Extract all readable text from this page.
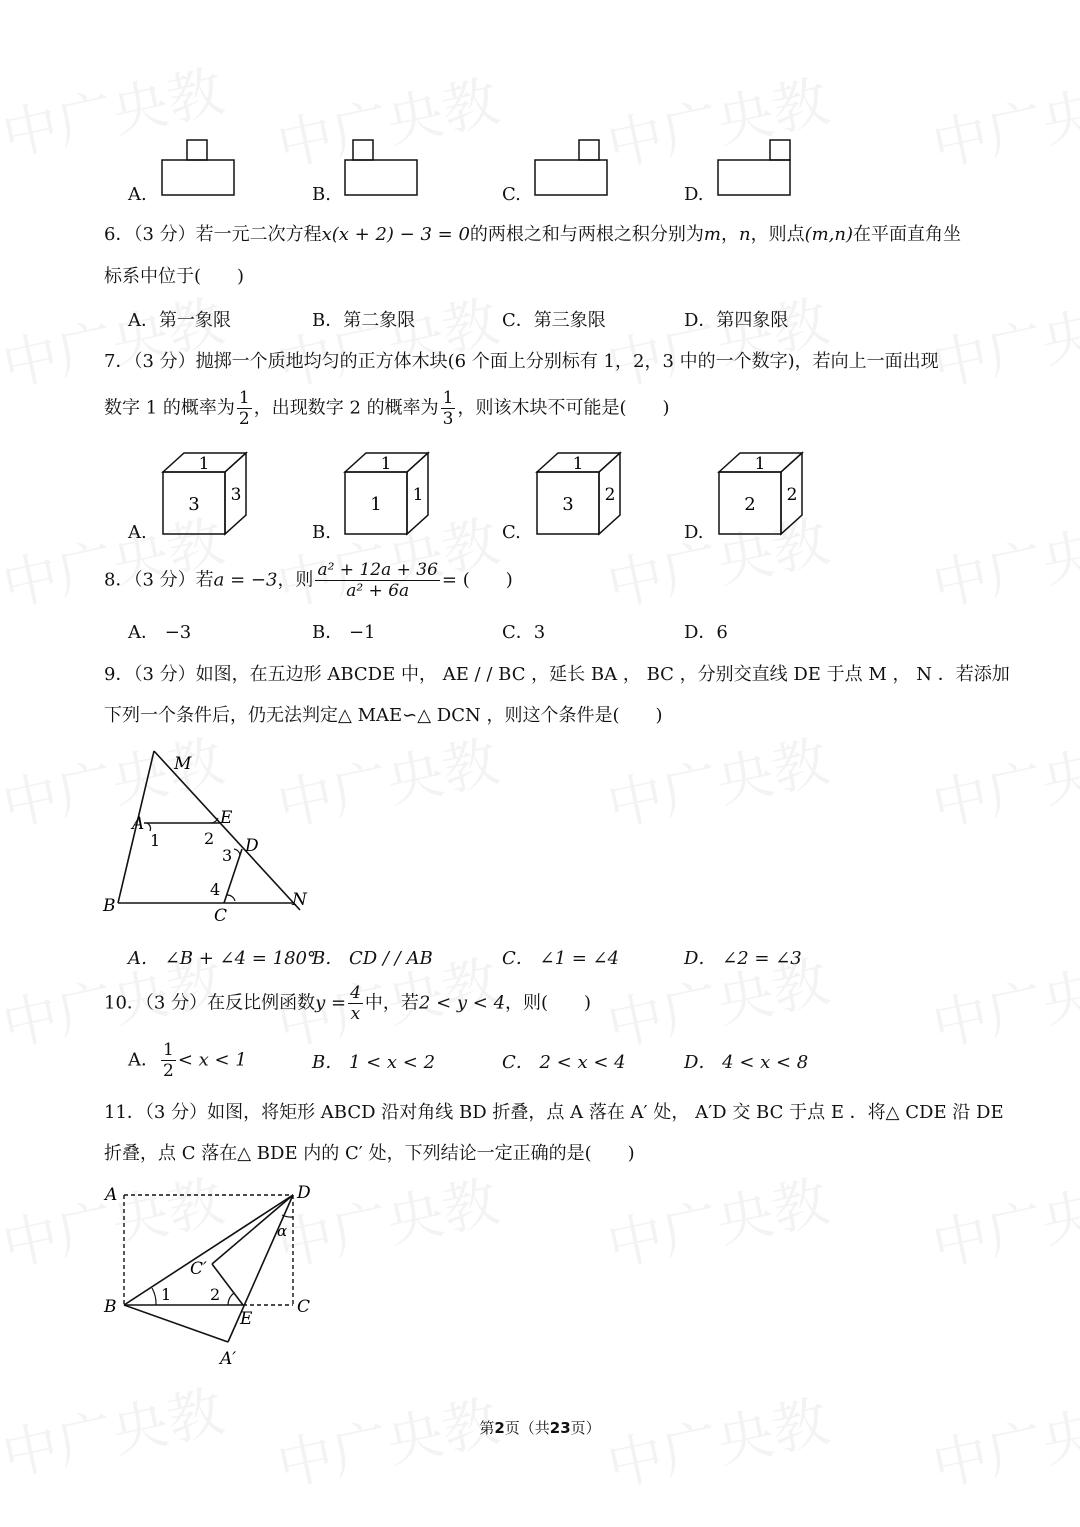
A.	B.	C.	D.
6．（3 分）若一元二次方程x(x + 2) − 3 = 0的两根之和与两根之积分别为m，n，则点(m,n)在平面直角坐
标系中位于(　　)
A．第一象限	B．第二象限	C．第三象限	D．第四象限
7．（3 分）抛掷一个质地均匀的正方体木块(6 个面上分别标有 1，2，3 中的一个数字)，若向上一面出现
数字 1 的概率为 $\frac{1}{2}$ ，出现数字 2 的概率为 $\frac{1}{3}$ ，则该木块不可能是(　　)
A.
1
3 3
B.
1
1 1
C.
1
3 2
D.
1
2 2
8．（3 分）若a = −3，则 $\frac{\text{a² + 12a + 36}}{\text{a² + 6a}}$ = (　　)
A． −3	B． −1	C．3	D．6
9．（3 分）如图，在五边形 ABCDE 中， AE / / BC ，延长 BA ， BC ，分别交直线 DE 于点 M ， N ．若添加
下列一个条件后，仍无法判定△ MAE∽△ DCN ，则这个条件是(　　)
M
A	E
D
B	C
N
1	2
3
4
A． ∠B + ∠4 = 180°
B． CD / / AB	C． ∠1 = ∠4	D． ∠2 = ∠3
10．（3 分）在反比例函数$y = \frac{4}{x}$ 中，若2 < y < 4，则(　　)
A． $\frac{1}{2} < x < 1$	B． 1 < x < 2	C． 2 < x < 4	D． 4 < x < 8
11．（3 分）如图，将矩形 ABCD 沿对角线 BD 折叠，点 A 落在 A′ 处， A′D 交 BC 于点 E ．将△ CDE 沿 DE
折叠，点 C 落在△ BDE 内的 C′ 处，下列结论一定正确的是(　　)
A	D
C′
α
B
1 2
C
E
A′
第2页（共23页）
